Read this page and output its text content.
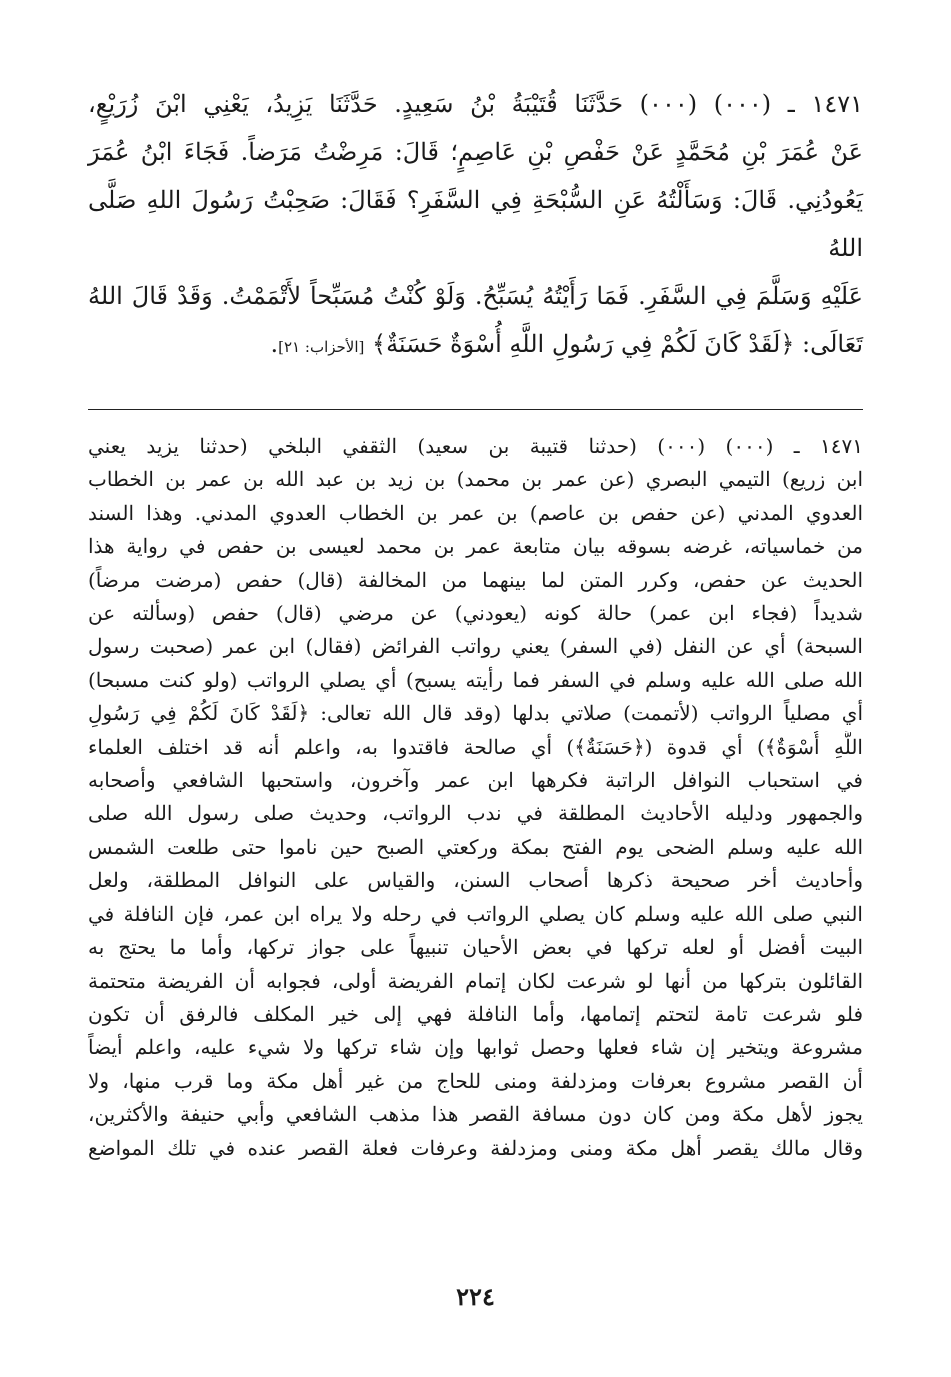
١٤٧١ ـ (٠٠٠) (٠٠٠) حَدَّثَنَا قُتَيْبَةُ بْنُ سَعِيدٍ. حَدَّثَنَا يَزِيدُ، يَعْنِي ابْنَ زُرَيْعٍ،
عَنْ عُمَرَ بْنِ مُحَمَّدٍ عَنْ حَفْصِ بْنِ عَاصِمٍ؛ قَالَ: مَرِضْتُ مَرَضاً. فَجَاءَ ابْنُ عُمَرَ
يَعُودُنِي. قَالَ: وَسَأَلْتُهُ عَنِ السُّبْحَةِ فِي السَّفَرِ؟ فَقَالَ: صَحِبْتُ رَسُولَ اللهِ صَلَّى اللهُ
عَلَيْهِ وَسَلَّمَ فِي السَّفَرِ. فَمَا رَأَيْتُهُ يُسَبِّحُ. وَلَوْ كُنْتُ مُسَبِّحاً لأَتْمَمْتُ. وَقَدْ قَالَ اللهُ
تَعَالَى: ﴿لَقَدْ كَانَ لَكُمْ فِي رَسُولِ اللَّهِ أُسْوَةٌ حَسَنَةٌ﴾ [الأحزاب: ٢١].

١٤٧١ ـ (٠٠٠) (٠٠٠) (حدثنا قتيبة بن سعيد) الثقفي البلخي (حدثنا يزيد يعني
ابن زريع) التيمي البصري (عن عمر بن محمد) بن زيد بن عبد الله بن عمر بن الخطاب
العدوي المدني (عن حفص بن عاصم) بن عمر بن الخطاب العدوي المدني. وهذا السند
من خماسياته، غرضه بسوقه بيان متابعة عمر بن محمد لعيسى بن حفص في رواية هذا
الحديث عن حفص، وكرر المتن لما بينهما من المخالفة (قال) حفص (مرضت مرضاً)
شديداً (فجاء ابن عمر) حالة كونه (يعودني) عن مرضي (قال) حفص (وسألته عن
السبحة) أي عن النفل (في السفر) يعني رواتب الفرائض (فقال) ابن عمر (صحبت رسول
الله صلى الله عليه وسلم في السفر فما رأيته يسبح) أي يصلي الرواتب (ولو كنت مسبحا)
أي مصلياً الرواتب (لأتممت) صلاتي بدلها (وقد قال الله تعالى: ﴿لَقَدْ كَانَ لَكُمْ فِي رَسُولِ
اللَّهِ أُسْوَةٌ﴾) أي قدوة (﴿حَسَنَةٌ﴾) أي صالحة فاقتدوا به، واعلم أنه قد اختلف العلماء
في استحباب النوافل الراتبة فكرهها ابن عمر وآخرون، واستحبها الشافعي وأصحابه
والجمهور ودليله الأحاديث المطلقة في ندب الرواتب، وحديث صلى رسول الله صلى
الله عليه وسلم الضحى يوم الفتح بمكة وركعتي الصبح حين ناموا حتى طلعت الشمس
وأحاديث أخر صحيحة ذكرها أصحاب السنن، والقياس على النوافل المطلقة، ولعل
النبي صلى الله عليه وسلم كان يصلي الرواتب في رحله ولا يراه ابن عمر، فإن النافلة في
البيت أفضل أو لعله تركها في بعض الأحيان تنبيهاً على جواز تركها، وأما ما يحتج به
القائلون بتركها من أنها لو شرعت لكان إتمام الفريضة أولى، فجوابه أن الفريضة متحتمة
فلو شرعت تامة لتحتم إتمامها، وأما النافلة فهي إلى خير المكلف فالرفق أن تكون
مشروعة ويتخير إن شاء فعلها وحصل ثوابها وإن شاء تركها ولا شيء عليه، واعلم أيضاً
أن القصر مشروع بعرفات ومزدلفة ومنى للحاج من غير أهل مكة وما قرب منها، ولا
يجوز لأهل مكة ومن كان دون مسافة القصر هذا مذهب الشافعي وأبي حنيفة والأكثرين،
وقال مالك يقصر أهل مكة ومنى ومزدلفة وعرفات فعلة القصر عنده في تلك المواضع
٢٢٤
